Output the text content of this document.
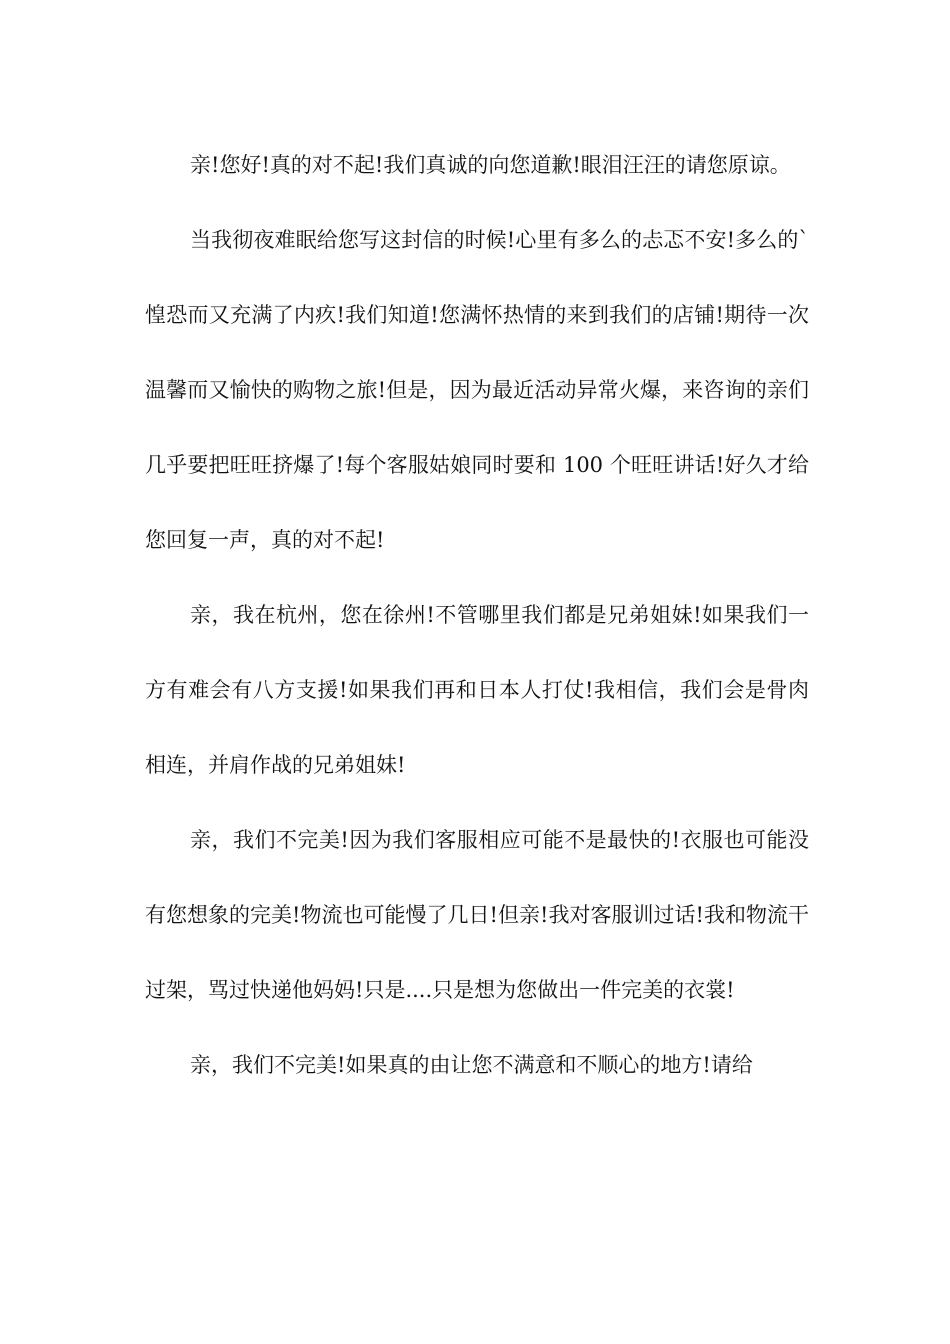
亲!您好!真的对不起!我们真诚的向您道歉!眼泪汪汪的请您原谅。

当我彻夜难眠给您写这封信的时候!心里有多么的忐忑不安!多么的`惶恐而又充满了内疚!我们知道!您满怀热情的来到我们的店铺!期待一次温馨而又愉快的购物之旅!但是，因为最近活动异常火爆，来咨询的亲们几乎要把旺旺挤爆了!每个客服姑娘同时要和 100 个旺旺讲话!好久才给您回复一声，真的对不起!

亲，我在杭州，您在徐州!不管哪里我们都是兄弟姐妹!如果我们一方有难会有八方支援!如果我们再和日本人打仗!我相信，我们会是骨肉相连，并肩作战的兄弟姐妹!

亲，我们不完美!因为我们客服相应可能不是最快的!衣服也可能没有您想象的完美!物流也可能慢了几日!但亲!我对客服训过话!我和物流干过架，骂过快递他妈妈!只是....只是想为您做出一件完美的衣裳!

亲，我们不完美!如果真的由让您不满意和不顺心的地方!请给
